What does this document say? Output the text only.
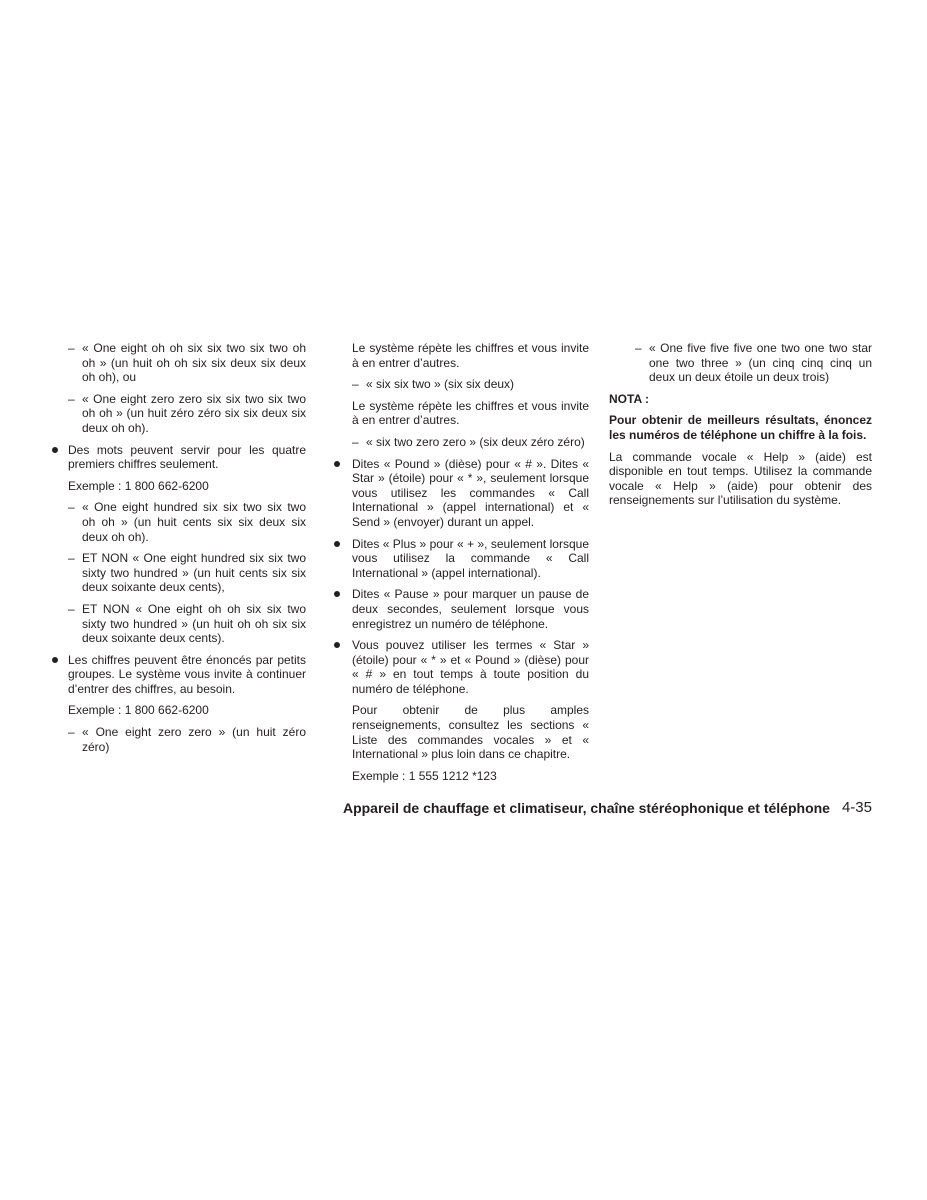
– « One eight oh oh six six two six two oh oh » (un huit oh oh six six deux six deux oh oh), ou

– « One eight zero zero six six two six two oh oh » (un huit zéro zéro six six deux six deux oh oh).

Des mots peuvent servir pour les quatre premiers chiffres seulement.

Exemple : 1 800 662-6200

– « One eight hundred six six two six two oh oh » (un huit cents six six deux six deux oh oh).

– ET NON « One eight hundred six six two sixty two hundred » (un huit cents six six deux soixante deux cents),

– ET NON « One eight oh oh six six two sixty two hundred » (un huit oh oh six six deux soixante deux cents).

Les chiffres peuvent être énoncés par petits groupes. Le système vous invite à continuer d’entrer des chiffres, au besoin.

Exemple : 1 800 662-6200

– « One eight zero zero » (un huit zéro zéro)

Le système répète les chiffres et vous invite à en entrer d’autres.

– « six six two » (six six deux)

Le système répète les chiffres et vous invite à en entrer d’autres.

– « six two zero zero » (six deux zéro zéro)

Dites « Pound » (dièse) pour « # ». Dites « Star » (étoile) pour « * », seulement lorsque vous utilisez les commandes « Call International » (appel international) et « Send » (envoyer) durant un appel.

Dites « Plus » pour « + », seulement lorsque vous utilisez la commande « Call International » (appel international).

Dites « Pause » pour marquer un pause de deux secondes, seulement lorsque vous enregistrez un numéro de téléphone.

Vous pouvez utiliser les termes « Star » (étoile) pour « * » et « Pound » (dièse) pour « # » en tout temps à toute position du numéro de téléphone.

Pour obtenir de plus amples renseignements, consultez les sections « Liste des commandes vocales » et « International » plus loin dans ce chapitre.

Exemple : 1 555 1212 *123

– « One five five five one two one two star one two three » (un cinq cinq cinq un deux un deux étoile un deux trois)

NOTA :

Pour obtenir de meilleurs résultats, énoncez les numéros de téléphone un chiffre à la fois.

La commande vocale « Help » (aide) est disponible en tout temps. Utilisez la commande vocale « Help » (aide) pour obtenir des renseignements sur l’utilisation du système.

Appareil de chauffage et climatiseur, chaîne stéréophonique et téléphone 4-35
